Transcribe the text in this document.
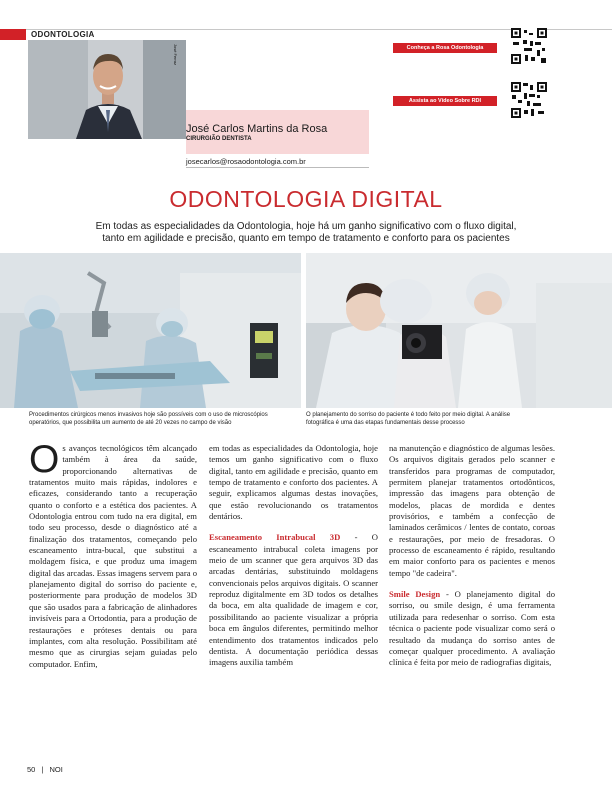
ODONTOLOGIA
José Ferraz
José Carlos Martins da Rosa
CIRURGIÃO DENTISTA
josecarlos@rosaodontologia.com.br
Conheça a Rosa Odontologia
Assista ao Vídeo Sobre RDI
ODONTOLOGIA DIGITAL
Em todas as especialidades da Odontologia, hoje há um ganho significativo com o fluxo digital,
tanto em agilidade e precisão, quanto em tempo de tratamento e conforto para os pacientes
Procedimentos cirúrgicos menos invasivos hoje são possíveis com o uso de microscópios
operatórios, que possibilita um aumento de até 20 vezes no campo de visão
O planejamento do sorriso do paciente é todo feito por meio digital. A análise
fotográfica é uma das etapas fundamentais desse processo

Os avanços tecnológicos têm alcançado também à área da saúde, proporcionando alternativas de tratamentos muito mais rápidas, indolores e eficazes, considerando tanto a recuperação quanto o conforto e a estética dos pacientes. A Odontologia entrou com tudo na era digital, em todo seu processo, desde o diagnóstico até a finalização dos tratamentos, começando pelo escaneamento intra-bucal, que substitui a moldagem física, e que produz uma imagem digital das arcadas. Essas imagens servem para o planejamento digital do sorriso do paciente e, posteriormente para produção de modelos 3D que são usados para a fabricação de alinhadores invisíveis para a Ortodontia, para a produção de restaurações e próteses dentais ou para implantes, com alta resolução. Possibilitam até mesmo que as cirurgias sejam guiadas pelo computador. Enfim,

em todas as especialidades da Odontologia, hoje temos um ganho significativo com o fluxo digital, tanto em agilidade e precisão, quanto em tempo de tratamento e conforto dos pacientes. A seguir, explicamos algumas destas inovações, que estão revolucionando os tratamentos dentários.

Escaneamento Intrabucal 3D - O escaneamento intrabucal coleta imagens por meio de um scanner que gera arquivos 3D das arcadas dentárias, substituindo moldagens convencionais pelos arquivos digitais. O scanner reproduz digitalmente em 3D todos os detalhes da boca, em alta qualidade de imagem e cor, possibilitando ao paciente visualizar a própria boca em ângulos diferentes, permitindo melhor entendimento dos tratamentos indicados pelo dentista. A documentação periódica dessas imagens auxilia também

na manutenção e diagnóstico de algumas lesões. Os arquivos digitais gerados pelo scanner e transferidos para programas de computador, permitem planejar tratamentos ortodônticos, impressão das imagens para obtenção de modelos, placas de mordida e dentes provisórios, e também a confecção de laminados cerâmicos / lentes de contato, coroas e restaurações, por meio de fresadoras. O processo de escaneamento é rápido, resultando em maior conforto para os pacientes e menos tempo "de cadeira".

Smile Design - O planejamento digital do sorriso, ou smile design, é uma ferramenta utilizada para redesenhar o sorriso. Com esta técnica o paciente pode visualizar como será o resultado da mudança do sorriso antes de começar qualquer procedimento. A avaliação clínica é feita por meio de radiografias digitais,

50 | NOI
